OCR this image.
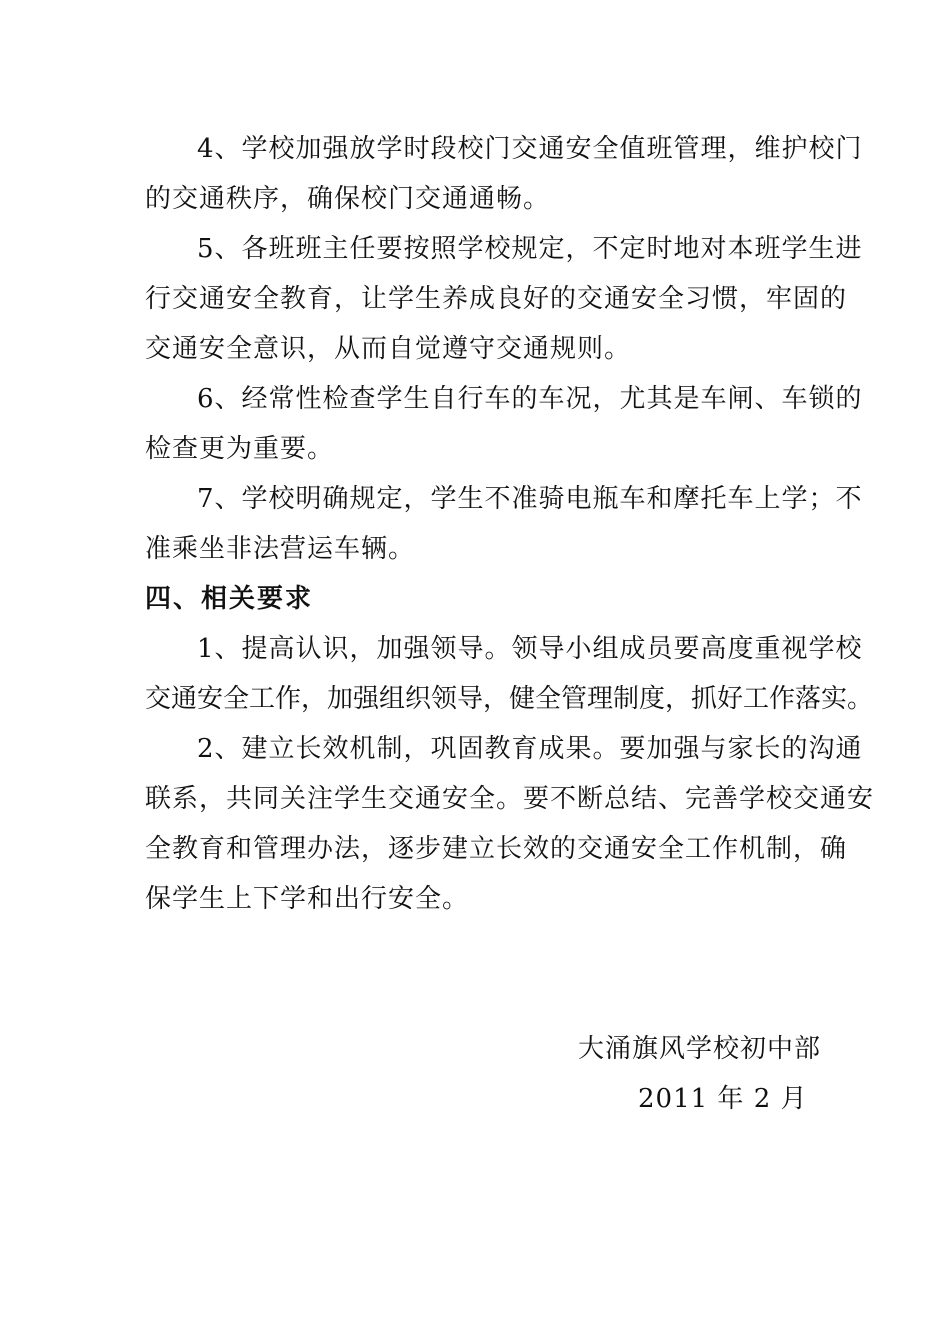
4、学校加强放学时段校门交通安全值班管理，维护校门
的交通秩序，确保校门交通通畅。
5、各班班主任要按照学校规定，不定时地对本班学生进
行交通安全教育，让学生养成良好的交通安全习惯，牢固的
交通安全意识，从而自觉遵守交通规则。
6、经常性检查学生自行车的车况，尤其是车闸、车锁的
检查更为重要。
7、学校明确规定，学生不准骑电瓶车和摩托车上学；不
准乘坐非法营运车辆。
四、相关要求
1、提高认识，加强领导。领导小组成员要高度重视学校
交通安全工作，加强组织领导，健全管理制度，抓好工作落实。
2、建立长效机制，巩固教育成果。要加强与家长的沟通
联系，共同关注学生交通安全。要不断总结、完善学校交通安
全教育和管理办法，逐步建立长效的交通安全工作机制，确
保学生上下学和出行安全。
大涌旗风学校初中部
2011 年 2 月
